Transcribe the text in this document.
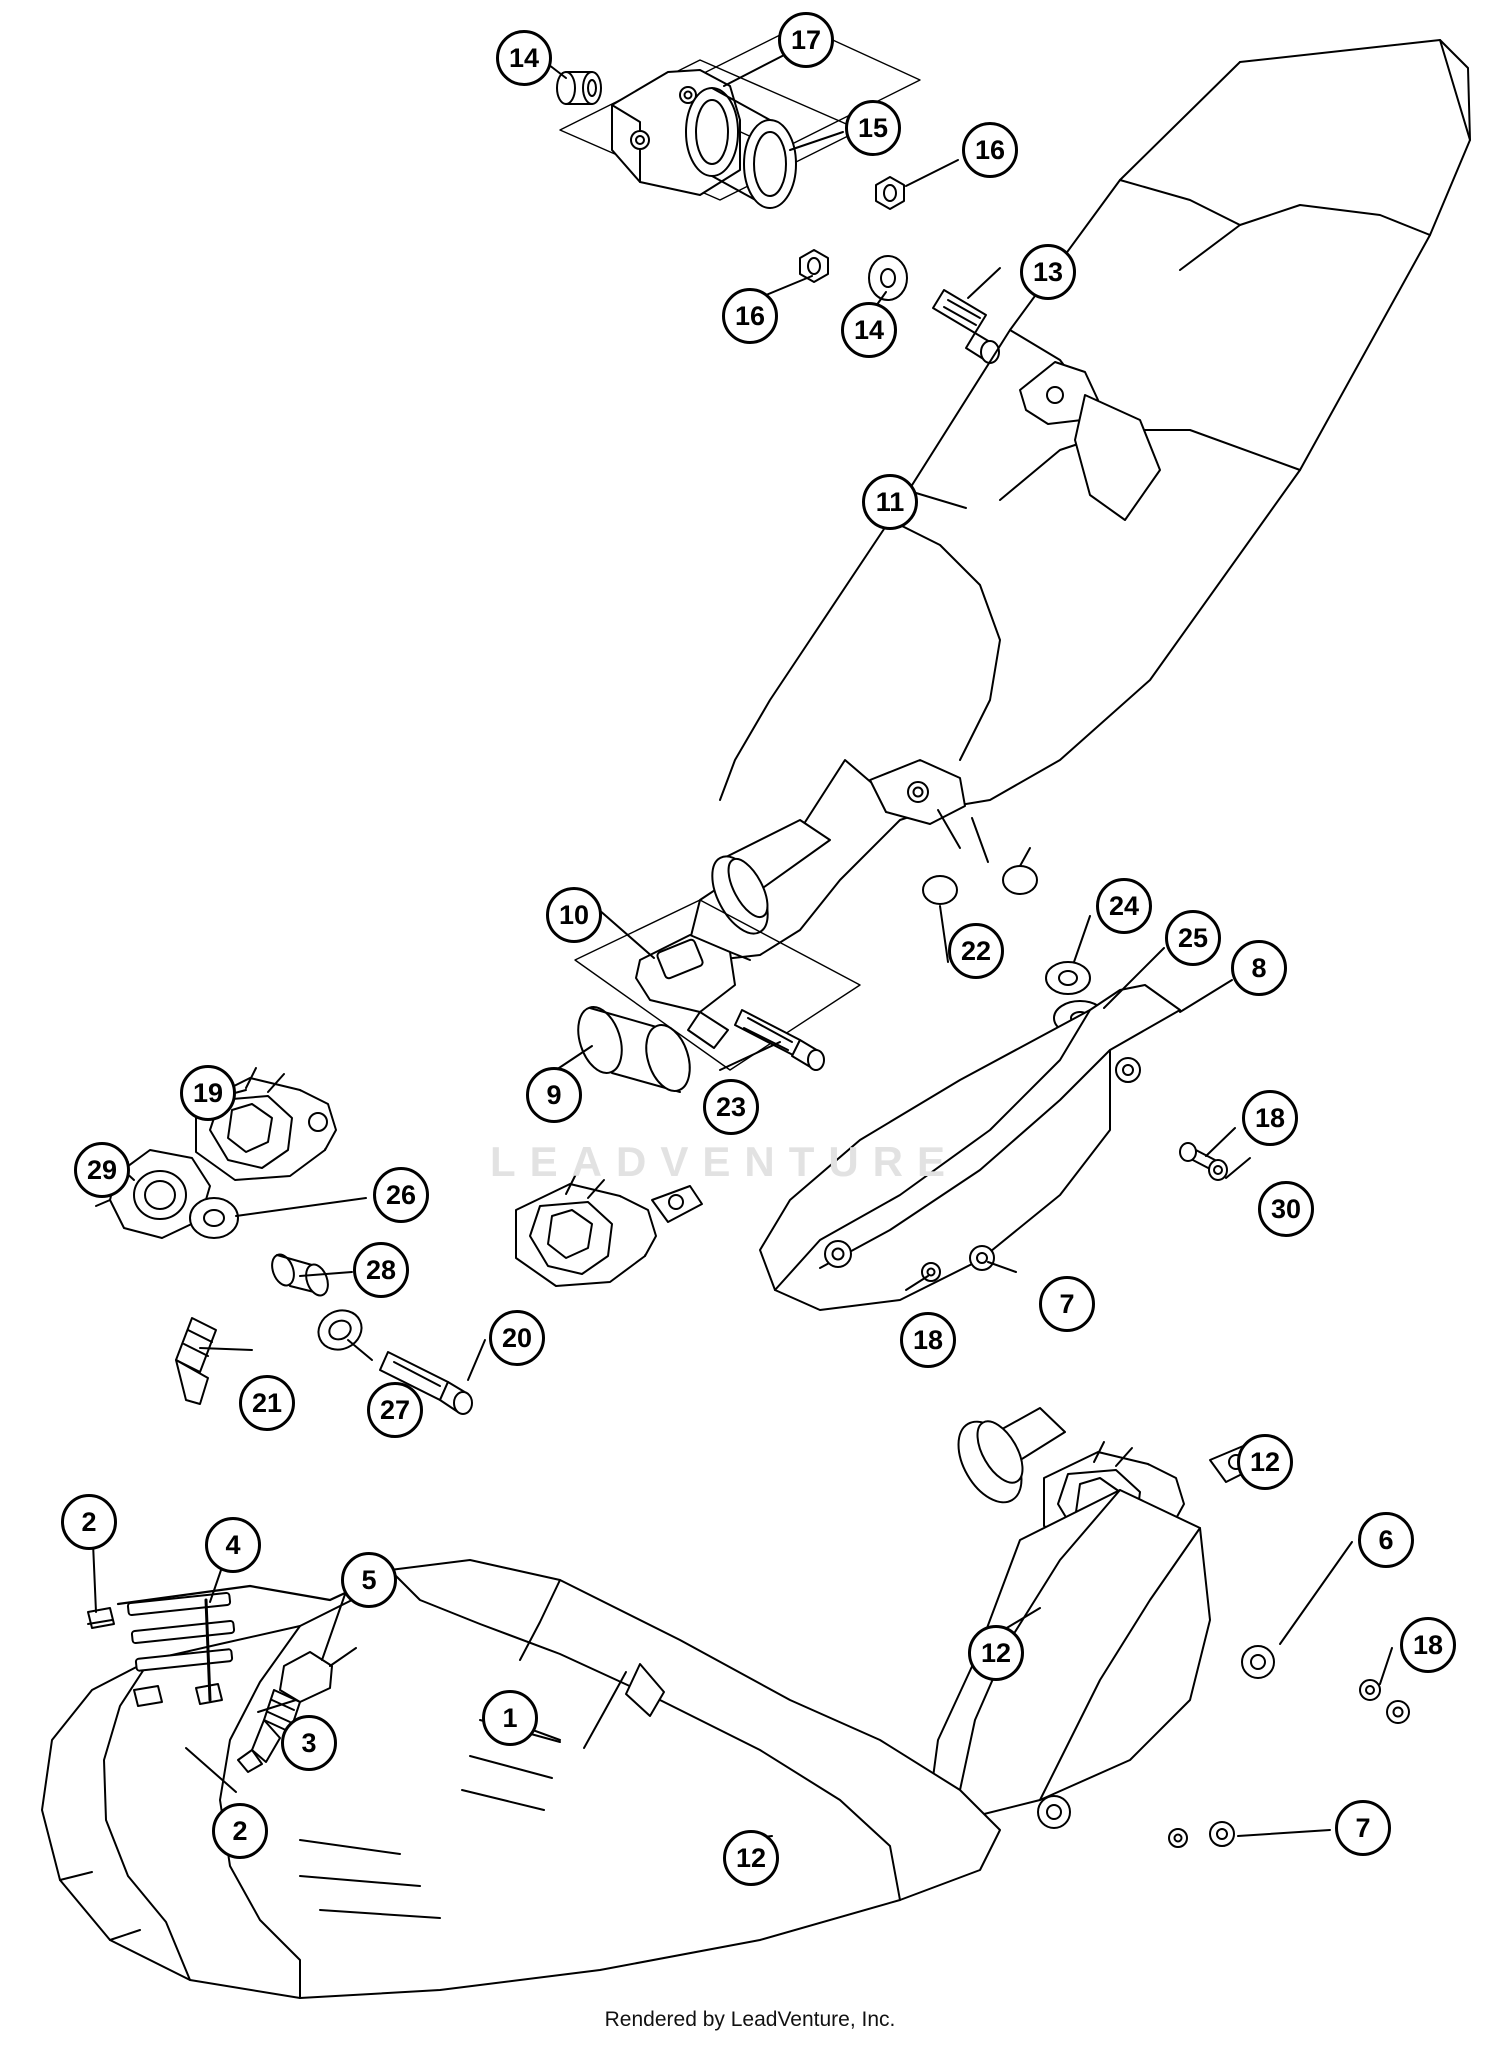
LEADVENTURE
14
17
15
16
16	14
13
11
10
22
24
25
8
9	23	18
30
19
29
26
28
20
27
21
18
7
12
6
18
12
2
4
5
1
3
2
12
7
Rendered by LeadVenture, Inc.
